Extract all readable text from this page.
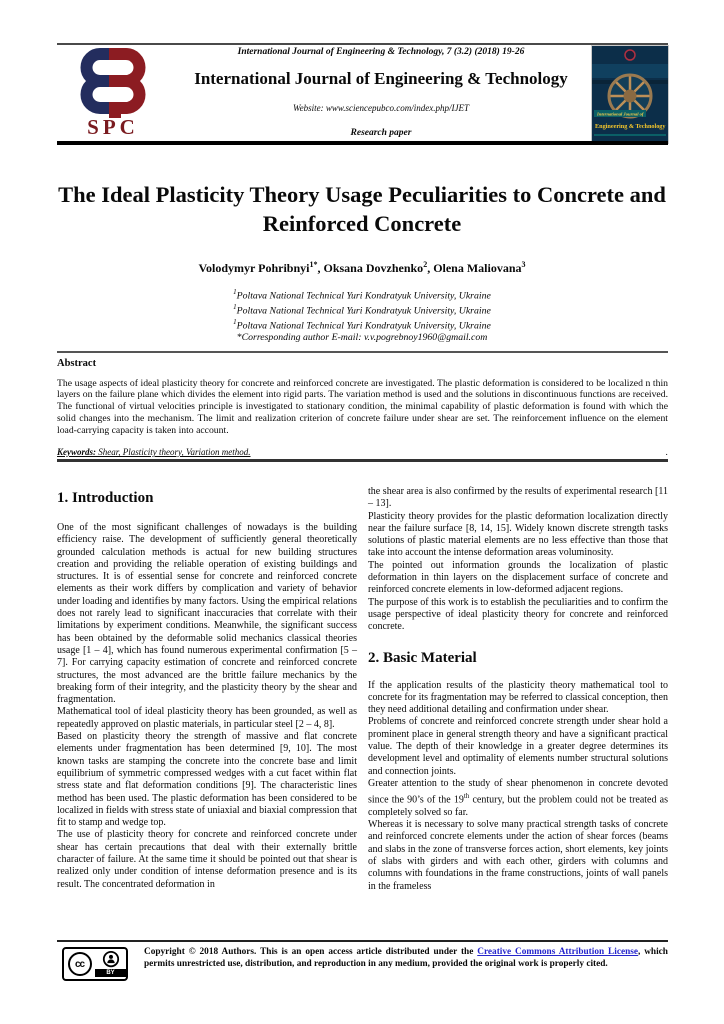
SPC
International Journal of Engineering & Technology, 7 (3.2) (2018) 19-26
International Journal of Engineering & Technology
Website: www.sciencepubco.com/index.php/IJET
Research paper
International Journal of
Engineering & Technology
The Ideal Plasticity Theory Usage Peculiarities to Concrete and Reinforced Concrete
Volodymyr Pohribnyi$^{1*}$, Oksana Dovzhenko$^2$, Olena Maliovana$^3$
$^1$Poltava National Technical Yuri Kondratyuk University, Ukraine
$^1$Poltava National Technical Yuri Kondratyuk University, Ukraine
$^1$Poltava National Technical Yuri Kondratyuk University, Ukraine
*Corresponding author E-mail: v.v.pogrebnoy1960@gmail.com
Abstract
The usage aspects of ideal plasticity theory for concrete and reinforced concrete are investigated. The plastic deformation is considered to be localized n thin layers on the failure plane which divides the element into rigid parts. The variation method is used and the solutions in discontinuous functions are received. The functional of virtual velocities principle is investigated to stationary condition, the minimal capability of plastic deformation is found with which the solid changes into the mechanism. The limit and realization criterion of concrete failure under shear are set. The reinforcement influence on the element load-carrying capacity is taken into account.
Keywords: Shear, Plasticity theory, Variation method.	.
1. Introduction

One of the most significant challenges of nowadays is the building efficiency raise. The development of sufficiently general theoretically grounded calculation methods is actual for new building structures creation and providing the reliable operation of existing buildings and structures. It is of essential sense for concrete and reinforced concrete elements as their work differs by complication and variety of behavior under loading and identifies by many factors. Using the empirical relations does not rarely lead to significant inaccuracies that correlate with their limitations by experiment conditions. Meanwhile, the significant success has been obtained by the deformable solid mechanics classical theories usage [1 – 4], which has found numerous experimental confirmation [5 – 7]. For carrying capacity estimation of concrete and reinforced concrete structures, the most advanced are the brittle failure mechanics by the breaking form of their integrity, and the plasticity theory by the shear and fragmentation.

Mathematical tool of ideal plasticity theory has been grounded, as well as repeatedly approved on plastic materials, in particular steel [2 – 4, 8].

Based on plasticity theory the strength of massive and flat concrete elements under fragmentation has been determined [9, 10]. The most known tasks are stamping the concrete into the concrete base and limit equilibrium of symmetric compressed wedges with a cut facet within flat stress state and flat deformation conditions [9]. The characteristic lines method has been used. The plastic deformation has been considered to be localized in fields with stress state of uniaxial and biaxial compression that fit to stamp and wedge top.

The use of plasticity theory for concrete and reinforced concrete under shear has certain precautions that deal with their externally brittle character of failure. At the same time it should be pointed out that shear is realized only under condition of intense deformation presence and is its result. The concentrated deformation in

the shear area is also confirmed by the results of experimental research [11 – 13].

Plasticity theory provides for the plastic deformation localization directly near the failure surface [8, 14, 15]. Widely known discrete strength tasks solutions of plastic material elements are no less effective than those that take into account the intense deformation areas voluminosity.

The pointed out information grounds the localization of plastic deformation in thin layers on the displacement surface of concrete and reinforced concrete elements in low-deformed adjacent regions.

The purpose of this work is to establish the peculiarities and to confirm the usage perspective of ideal plasticity theory for concrete and reinforced concrete.

2. Basic Material

If the application results of the plasticity theory mathematical tool to concrete for its fragmentation may be referred to classical conception, then they need additional detailing and confirmation under shear.

Problems of concrete and reinforced concrete strength under shear hold a prominent place in general strength theory and have a significant practical value. The depth of their knowledge in a greater degree determines its development level and optimality of elements number structural solutions and connection joints.

Greater attention to the study of shear phenomenon in concrete devoted since the 90’s of the 19th century, but the problem could not be treated as completely solved so far.

Whereas it is necessary to solve many practical strength tasks of concrete and reinforced concrete elements under the action of shear forces (beams and slabs in the zone of transverse forces action, short elements, key joints of slabs with girders and with each other, girders with columns and columns with foundations in the frame constructions, joints of wall panels in the frameless

cc
BY
Copyright © 2018 Authors. This is an open access article distributed under the Creative Commons Attribution License, which permits unrestricted use, distribution, and reproduction in any medium, provided the original work is properly cited.
